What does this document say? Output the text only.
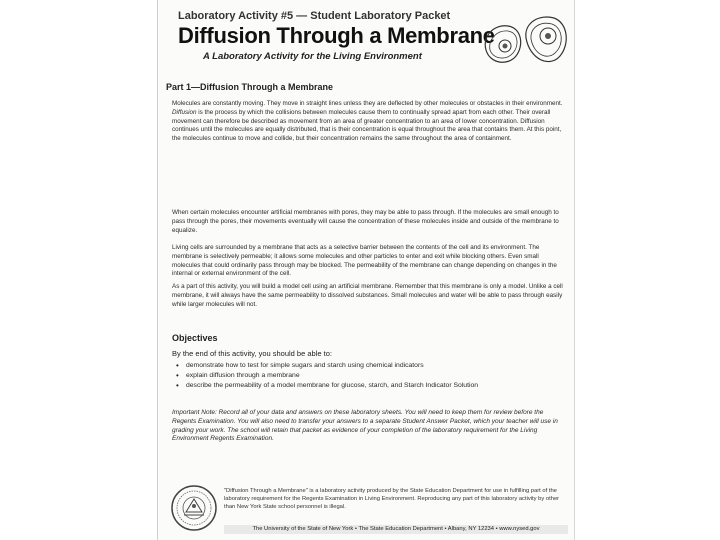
Laboratory Activity #5 — Student Laboratory Packet
Diffusion Through a Membrane
A Laboratory Activity for the Living Environment
Part 1—Diffusion Through a Membrane
Molecules are constantly moving. They move in straight lines unless they are deflected by other molecules or obstacles in their environment. Diffusion is the process by which the collisions between molecules cause them to continually spread apart from each other. Their overall movement can therefore be described as movement from an area of greater concentration to an area of lower concentration. Diffusion continues until the molecules are equally distributed, that is their concentration is equal throughout the area that contains them. At this point, the molecules continue to move and collide, but their concentration remains the same throughout the area of containment.
When certain molecules encounter artificial membranes with pores, they may be able to pass through. If the molecules are small enough to pass through the pores, their movements eventually will cause the concentration of these molecules inside and outside of the membrane to equalize.
Living cells are surrounded by a membrane that acts as a selective barrier between the contents of the cell and its environment. The membrane is selectively permeable; it allows some molecules and other particles to enter and exit while blocking others. Even small molecules that could ordinarily pass through may be blocked. The permeability of the membrane can change depending on changes in the internal or external environment of the cell.
As a part of this activity, you will build a model cell using an artificial membrane. Remember that this membrane is only a model. Unlike a cell membrane, it will always have the same permeability to dissolved substances. Small molecules and water will be able to pass through easily while larger molecules will not.
Objectives
By the end of this activity, you should be able to:
• demonstrate how to test for simple sugars and starch using chemical indicators
• explain diffusion through a membrane
• describe the permeability of a model membrane for glucose, starch, and Starch Indicator Solution
Important Note: Record all of your data and answers on these laboratory sheets. You will need to keep them for review before the Regents Examination. You will also need to transfer your answers to a separate Student Answer Packet, which your teacher will use in grading your work. The school will retain that packet as evidence of your completion of the laboratory requirement for the Living Environment Regents Examination.
"Diffusion Through a Membrane" is a laboratory activity produced by the State Education Department for use in fulfilling part of the laboratory requirement for the Regents Examination in Living Environment. Reproducing any part of this laboratory activity by other than New York State school personnel is illegal.
The University of the State of New York • The State Education Department • Albany, NY 12234 • www.nysed.gov
